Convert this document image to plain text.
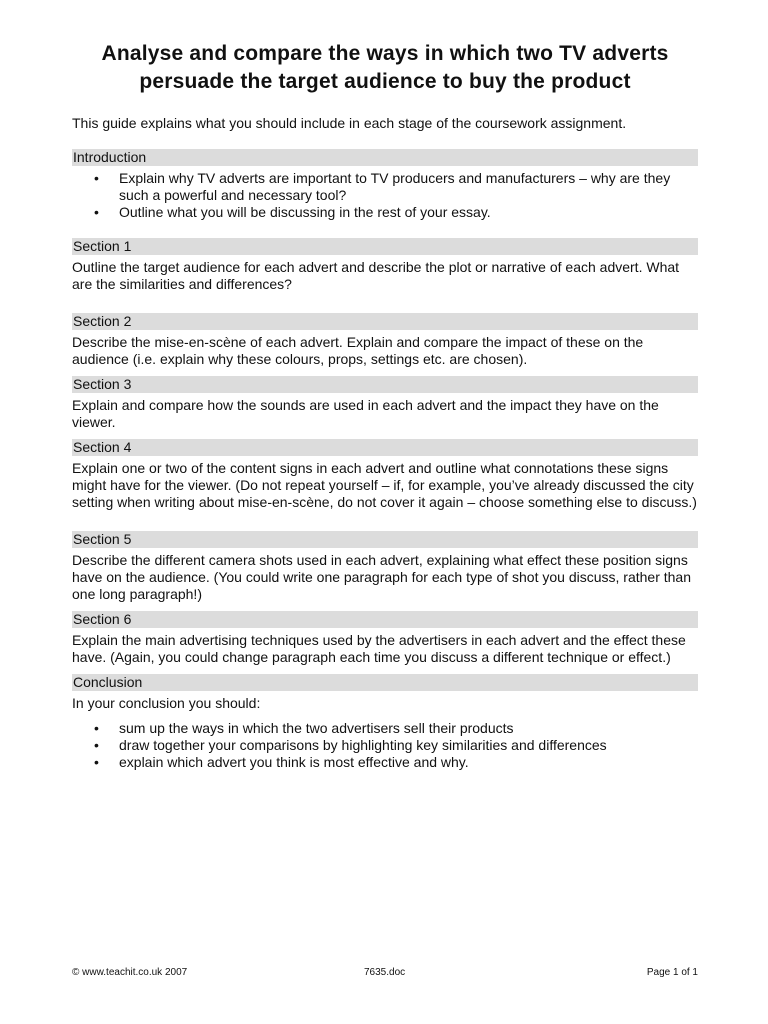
Analyse and compare the ways in which two TV adverts
persuade the target audience to buy the product

This guide explains what you should include in each stage of the coursework assignment.

Introduction
• Explain why TV adverts are important to TV producers and manufacturers – why are they such a powerful and necessary tool?
• Outline what you will be discussing in the rest of your essay.
Section 1

Outline the target audience for each advert and describe the plot or narrative of each advert. What are the similarities and differences?

Section 2

Describe the mise-en-scène of each advert. Explain and compare the impact of these on the audience (i.e. explain why these colours, props, settings etc. are chosen).

Section 3

Explain and compare how the sounds are used in each advert and the impact they have on the viewer.

Section 4

Explain one or two of the content signs in each advert and outline what connotations these signs might have for the viewer. (Do not repeat yourself – if, for example, you’ve already discussed the city setting when writing about mise-en-scène, do not cover it again – choose something else to discuss.)

Section 5

Describe the different camera shots used in each advert, explaining what effect these position signs have on the audience. (You could write one paragraph for each type of shot you discuss, rather than one long paragraph!)

Section 6

Explain the main advertising techniques used by the advertisers in each advert and the effect these have. (Again, you could change paragraph each time you discuss a different technique or effect.)

Conclusion

In your conclusion you should:

• sum up the ways in which the two advertisers sell their products
• draw together your comparisons by highlighting key similarities and differences
• explain which advert you think is most effective and why.
© www.teachit.co.uk 2007	7635.doc	Page 1 of 1
